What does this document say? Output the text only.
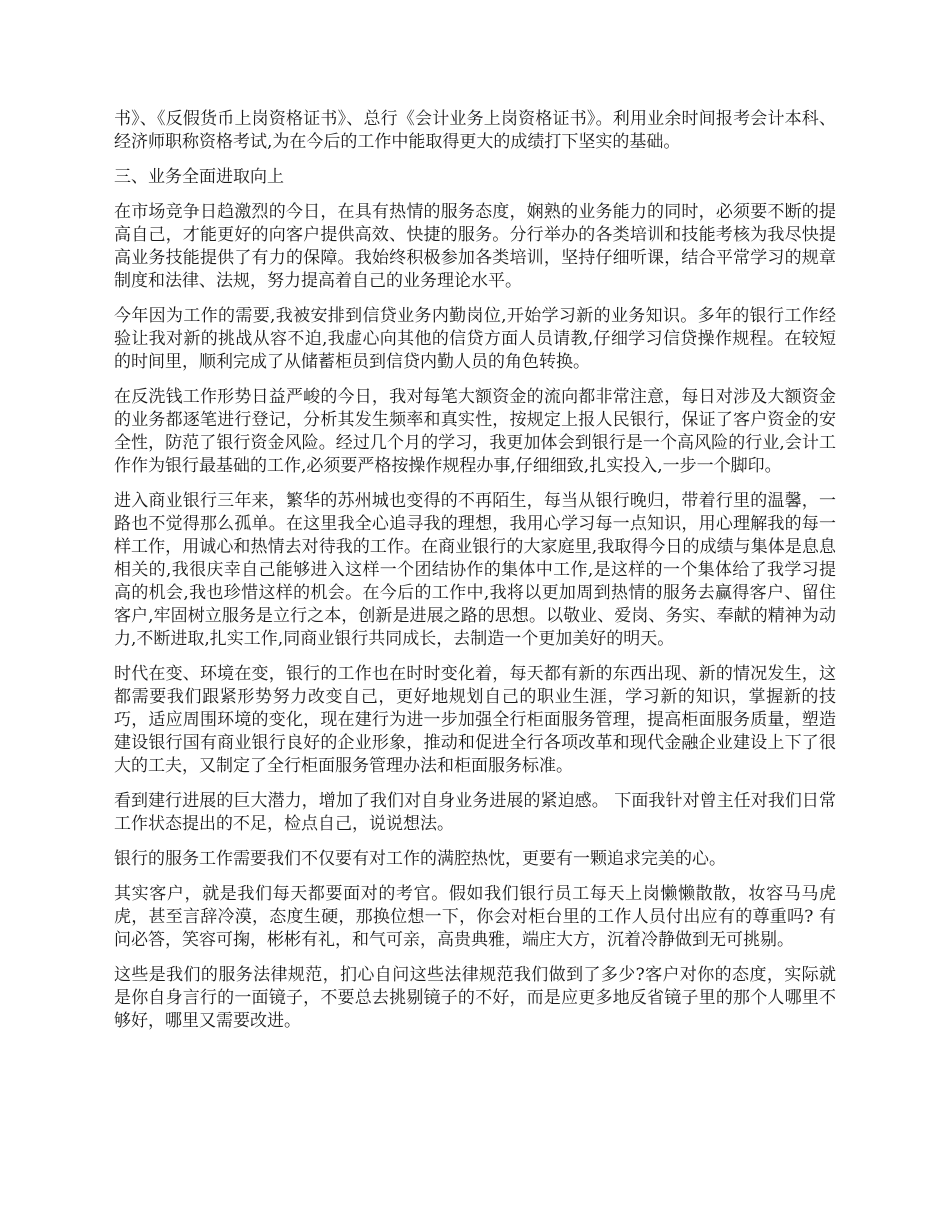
书》、《反假货币上岗资格证书》、总行《会计业务上岗资格证书》。利用业余时间报考会计本科、经济师职称资格考试,为在今后的工作中能取得更大的成绩打下坚实的基础。

三、业务全面进取向上

在市场竞争日趋激烈的今日，在具有热情的服务态度，娴熟的业务能力的同时，必须要不断的提高自己，才能更好的向客户提供高效、快捷的服务。分行举办的各类培训和技能考核为我尽快提高业务技能提供了有力的保障。我始终积极参加各类培训，坚持仔细听课，结合平常学习的规章制度和法律、法规，努力提高着自己的业务理论水平。

今年因为工作的需要,我被安排到信贷业务内勤岗位,开始学习新的业务知识。多年的银行工作经验让我对新的挑战从容不迫,我虚心向其他的信贷方面人员请教,仔细学习信贷操作规程。在较短的时间里，顺利完成了从储蓄柜员到信贷内勤人员的角色转换。

在反洗钱工作形势日益严峻的今日，我对每笔大额资金的流向都非常注意，每日对涉及大额资金的业务都逐笔进行登记，分析其发生频率和真实性，按规定上报人民银行，保证了客户资金的安全性，防范了银行资金风险。经过几个月的学习，我更加体会到银行是一个高风险的行业,会计工作作为银行最基础的工作,必须要严格按操作规程办事,仔细细致,扎实投入,一步一个脚印。

进入商业银行三年来，繁华的苏州城也变得的不再陌生，每当从银行晚归，带着行里的温馨，一路也不觉得那么孤单。在这里我全心追寻我的理想，我用心学习每一点知识，用心理解我的每一样工作，用诚心和热情去对待我的工作。在商业银行的大家庭里,我取得今日的成绩与集体是息息相关的,我很庆幸自己能够进入这样一个团结协作的集体中工作,是这样的一个集体给了我学习提高的机会,我也珍惜这样的机会。在今后的工作中,我将以更加周到热情的服务去赢得客户、留住客户,牢固树立服务是立行之本，创新是进展之路的思想。以敬业、爱岗、务实、奉献的精神为动力,不断进取,扎实工作,同商业银行共同成长，去制造一个更加美好的明天。

时代在变、环境在变，银行的工作也在时时变化着，每天都有新的东西出现、新的情况发生，这都需要我们跟紧形势努力改变自己，更好地规划自己的职业生涯，学习新的知识，掌握新的技巧，适应周围环境的变化，现在建行为进一步加强全行柜面服务管理，提高柜面服务质量，塑造建设银行国有商业银行良好的企业形象，推动和促进全行各项改革和现代金融企业建设上下了很大的工夫，又制定了全行柜面服务管理办法和柜面服务标准。

看到建行进展的巨大潜力，增加了我们对自身业务进展的紧迫感。 下面我针对曾主任对我们日常工作状态提出的不足，检点自己，说说想法。

银行的服务工作需要我们不仅要有对工作的满腔热忱，更要有一颗追求完美的心。

其实客户，就是我们每天都要面对的考官。假如我们银行员工每天上岗懒懒散散，妆容马马虎虎，甚至言辞冷漠，态度生硬，那换位想一下，你会对柜台里的工作人员付出应有的尊重吗? 有问必答，笑容可掬，彬彬有礼，和气可亲，高贵典雅，端庄大方，沉着冷静做到无可挑剔。

这些是我们的服务法律规范，扪心自问这些法律规范我们做到了多少?客户对你的态度，实际就是你自身言行的一面镜子，不要总去挑剔镜子的不好，而是应更多地反省镜子里的那个人哪里不够好，哪里又需要改进。
